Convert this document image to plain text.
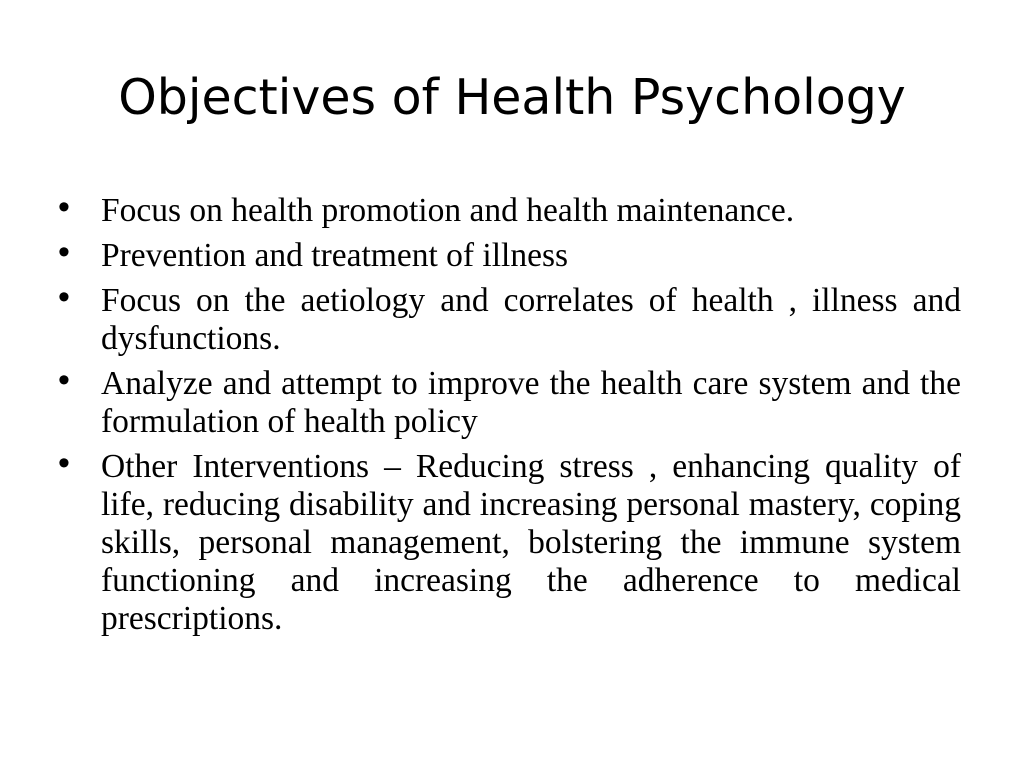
Objectives of Health Psychology
• Focus on health promotion and health maintenance.
• Prevention and treatment of illness
• Focus on the aetiology and correlates of health , illness and dysfunctions.
• Analyze and attempt to improve the health care system and the formulation of health policy
• Other Interventions – Reducing stress , enhancing quality of life, reducing disability and increasing personal mastery, coping skills, personal management, bolstering the immune system functioning and increasing the adherence to medical prescriptions.
